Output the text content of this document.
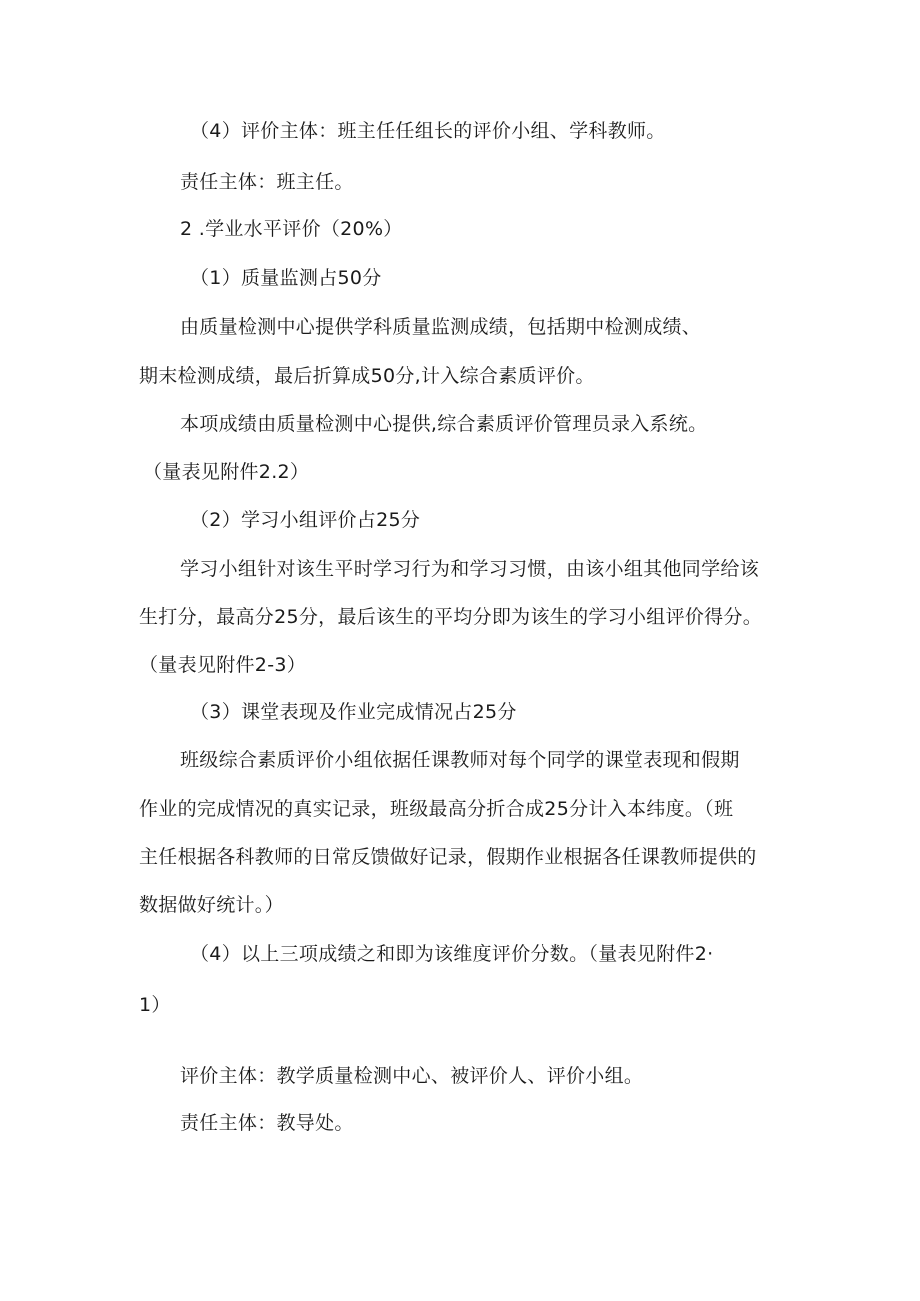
（4）评价主体：班主任任组长的评价小组、学科教师。
责任主体：班主任。
2 .学业水平评价（20%）
（1）质量监测占50分
由质量检测中心提供学科质量监测成绩，包括期中检测成绩、
期末检测成绩，最后折算成50分,计入综合素质评价。
本项成绩由质量检测中心提供,综合素质评价管理员录入系统。
（量表见附件2.2）
（2）学习小组评价占25分
学习小组针对该生平时学习行为和学习习惯，由该小组其他同学给该
生打分，最高分25分，最后该生的平均分即为该生的学习小组评价得分。
（量表见附件2-3）
（3）课堂表现及作业完成情况占25分
班级综合素质评价小组依据任课教师对每个同学的课堂表现和假期
作业的完成情况的真实记录，班级最高分折合成25分计入本纬度。（班
主任根据各科教师的日常反馈做好记录，假期作业根据各任课教师提供的
数据做好统计。）
（4）以上三项成绩之和即为该维度评价分数。（量表见附件2·
1）
评价主体：教学质量检测中心、被评价人、评价小组。
责任主体：教导处。
